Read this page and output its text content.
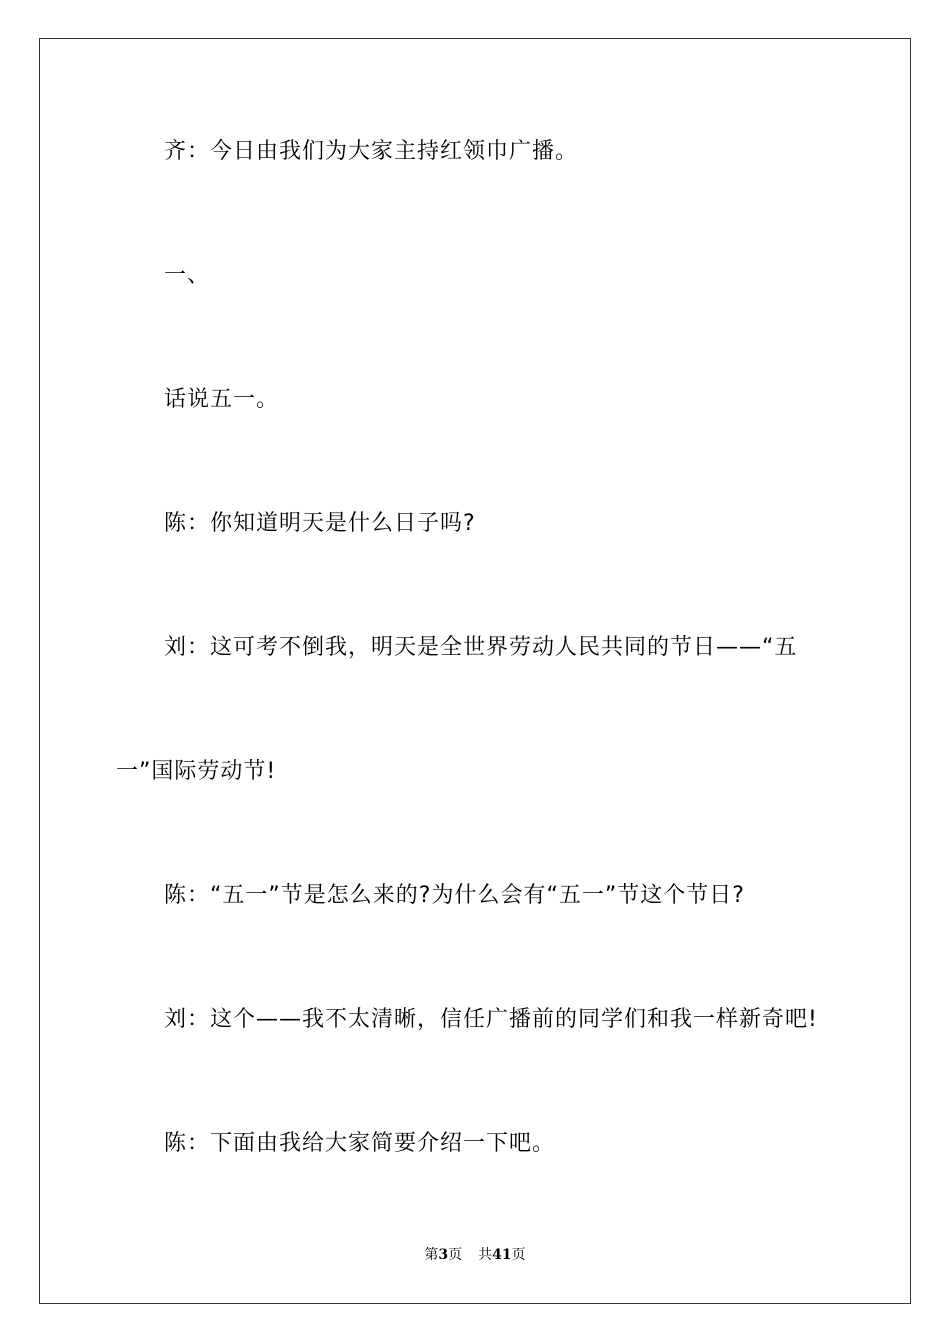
齐：今日由我们为大家主持红领巾广播。
一、
话说五一。
陈：你知道明天是什么日子吗?
刘：这可考不倒我，明天是全世界劳动人民共同的节日——“五
一”国际劳动节!
陈：“五一”节是怎么来的?为什么会有“五一”节这个节日?
刘：这个——我不太清晰，信任广播前的同学们和我一样新奇吧!
陈：下面由我给大家简要介绍一下吧。
第3页 共41页
